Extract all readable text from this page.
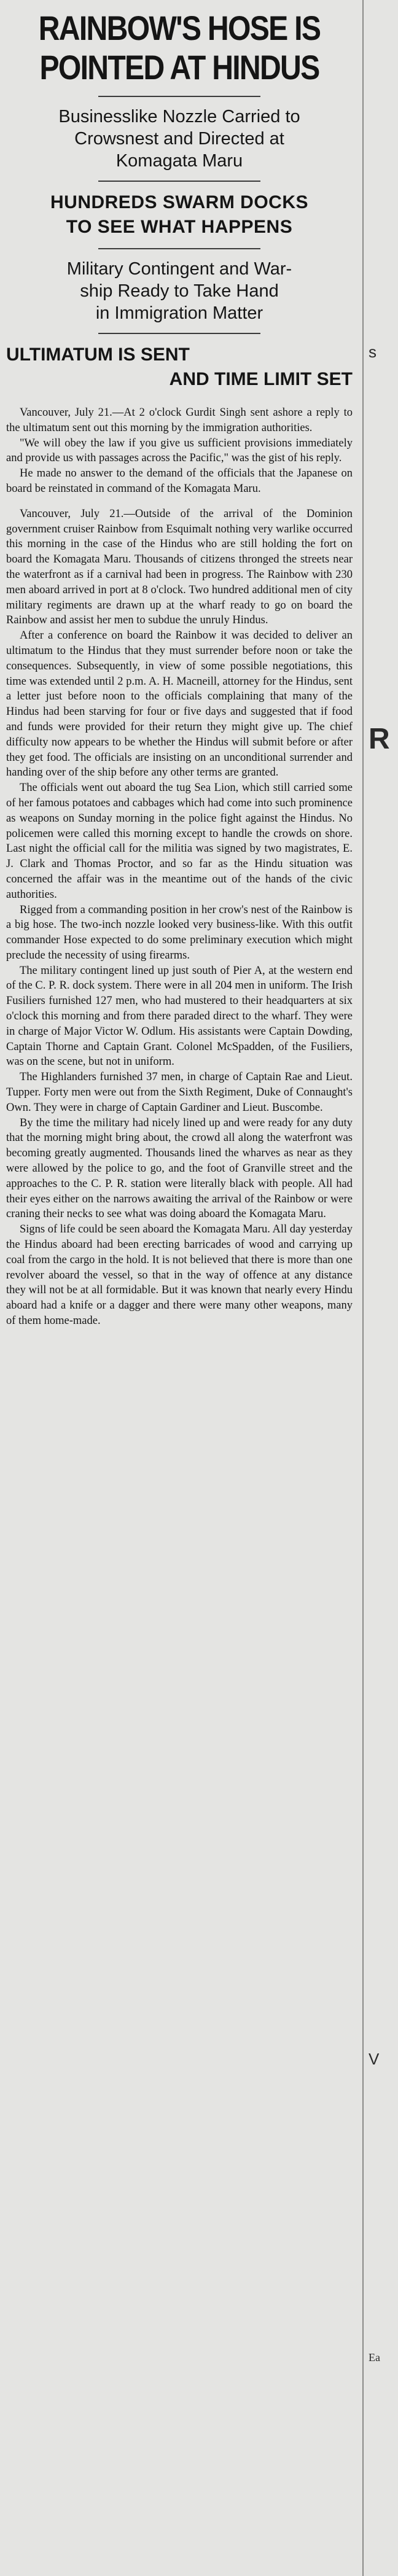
RAINBOW'S HOSE IS
POINTED AT HINDUS
Businesslike Nozzle Carried to
Crowsnest and Directed at
Komagata Maru
HUNDREDS SWARM DOCKS
TO SEE WHAT HAPPENS
Military Contingent and War-
ship Ready to Take Hand
in Immigration Matter
ULTIMATUM IS SENT
AND TIME LIMIT SET

Vancouver, July 21.—At 2 o'clock Gurdit Singh sent ashore a reply to the ultimatum sent out this morning by the immigration authorities.

"We will obey the law if you give us sufficient provisions immediately and provide us with passages across the Pacific," was the gist of his reply.

He made no answer to the demand of the officials that the Japanese on board be reinstated in command of the Komagata Maru.

Vancouver, July 21.—Outside of the arrival of the Dominion government cruiser Rainbow from Esquimalt nothing very warlike occurred this morning in the case of the Hindus who are still holding the fort on board the Komagata Maru. Thousands of citizens thronged the streets near the waterfront as if a carnival had been in progress. The Rainbow with 230 men aboard arrived in port at 8 o'clock. Two hundred additional men of city military regiments are drawn up at the wharf ready to go on board the Rainbow and assist her men to subdue the unruly Hindus.

After a conference on board the Rainbow it was decided to deliver an ultimatum to the Hindus that they must surrender before noon or take the consequences. Subsequently, in view of some possible negotiations, this time was extended until 2 p.m. A. H. Macneill, attorney for the Hindus, sent a letter just before noon to the officials complaining that many of the Hindus had been starving for four or five days and suggested that if food and funds were provided for their return they might give up. The chief difficulty now appears to be whether the Hindus will submit before or after they get food. The officials are insisting on an unconditional surrender and handing over of the ship before any other terms are granted.

The officials went out aboard the tug Sea Lion, which still carried some of her famous potatoes and cabbages which had come into such prominence as weapons on Sunday morning in the police fight against the Hindus. No policemen were called this morning except to handle the crowds on shore. Last night the official call for the militia was signed by two magistrates, E. J. Clark and Thomas Proctor, and so far as the Hindu situation was concerned the affair was in the meantime out of the hands of the civic authorities.

Rigged from a commanding position in her crow's nest of the Rainbow is a big hose. The two-inch nozzle looked very business-like. With this outfit commander Hose expected to do some preliminary execution which might preclude the necessity of using firearms.

The military contingent lined up just south of Pier A, at the western end of the C. P. R. dock system. There were in all 204 men in uniform. The Irish Fusiliers furnished 127 men, who had mustered to their headquarters at six o'clock this morning and from there paraded direct to the wharf. They were in charge of Major Victor W. Odlum. His assistants were Captain Dowding, Captain Thorne and Captain Grant. Colonel McSpadden, of the Fusiliers, was on the scene, but not in uniform.

The Highlanders furnished 37 men, in charge of Captain Rae and Lieut. Tupper. Forty men were out from the Sixth Regiment, Duke of Connaught's Own. They were in charge of Captain Gardiner and Lieut. Buscombe.

By the time the military had nicely lined up and were ready for any duty that the morning might bring about, the crowd all along the waterfront was becoming greatly augmented. Thousands lined the wharves as near as they were allowed by the police to go, and the foot of Granville street and the approaches to the C. P. R. station were literally black with people. All had their eyes either on the narrows awaiting the arrival of the Rainbow or were craning their necks to see what was doing aboard the Komagata Maru.

Signs of life could be seen aboard the Komagata Maru. All day yesterday the Hindus aboard had been erecting barricades of wood and carrying up coal from the cargo in the hold. It is not believed that there is more than one revolver aboard the vessel, so that in the way of offence at any distance they will not be at all formidable. But it was known that nearly every Hindu aboard had a knife or a dagger and there were many other weapons, many of them home-made.

s
R
V
Ea
